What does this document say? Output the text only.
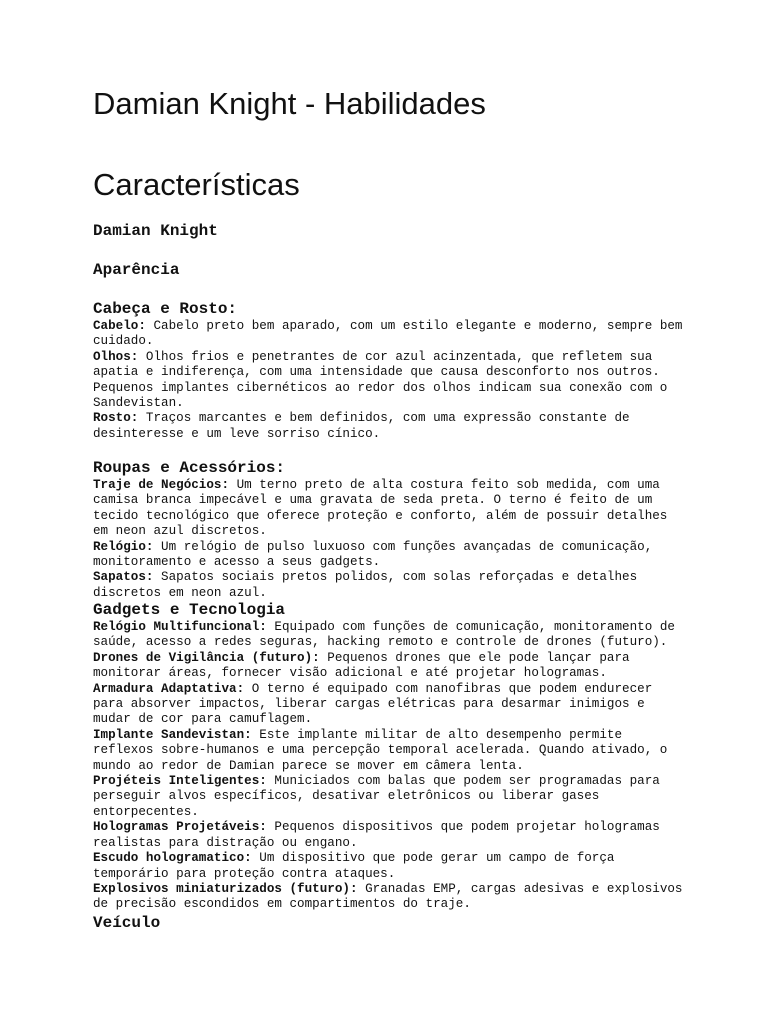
Damian Knight - Habilidades
Características
Damian Knight
Aparência
Cabeça e Rosto:

Cabelo: Cabelo preto bem aparado, com um estilo elegante e moderno, sempre bem cuidado.

Olhos: Olhos frios e penetrantes de cor azul acinzentada, que refletem sua apatia e indiferença, com uma intensidade que causa desconforto nos outros. Pequenos implantes cibernéticos ao redor dos olhos indicam sua conexão com o Sandevistan.

Rosto: Traços marcantes e bem definidos, com uma expressão constante de desinteresse e um leve sorriso cínico.

Roupas e Acessórios:

Traje de Negócios: Um terno preto de alta costura feito sob medida, com uma camisa branca impecável e uma gravata de seda preta. O terno é feito de um tecido tecnológico que oferece proteção e conforto, além de possuir detalhes em neon azul discretos.

Relógio: Um relógio de pulso luxuoso com funções avançadas de comunicação, monitoramento e acesso a seus gadgets.

Sapatos: Sapatos sociais pretos polidos, com solas reforçadas e detalhes discretos em neon azul.

Gadgets e Tecnologia

Relógio Multifuncional: Equipado com funções de comunicação, monitoramento de saúde, acesso a redes seguras, hacking remoto e controle de drones (futuro).

Drones de Vigilância (futuro): Pequenos drones que ele pode lançar para monitorar áreas, fornecer visão adicional e até projetar hologramas.

Armadura Adaptativa: O terno é equipado com nanofibras que podem endurecer para absorver impactos, liberar cargas elétricas para desarmar inimigos e mudar de cor para camuflagem.

Implante Sandevistan: Este implante militar de alto desempenho permite reflexos sobre-humanos e uma percepção temporal acelerada. Quando ativado, o mundo ao redor de Damian parece se mover em câmera lenta.

Projéteis Inteligentes: Municiados com balas que podem ser programadas para perseguir alvos específicos, desativar eletrônicos ou liberar gases entorpecentes.

Hologramas Projetáveis: Pequenos dispositivos que podem projetar hologramas realistas para distração ou engano.

Escudo hologramatico: Um dispositivo que pode gerar um campo de força temporário para proteção contra ataques.

Explosivos miniaturizados (futuro): Granadas EMP, cargas adesivas e explosivos de precisão escondidos em compartimentos do traje.

Veículo
